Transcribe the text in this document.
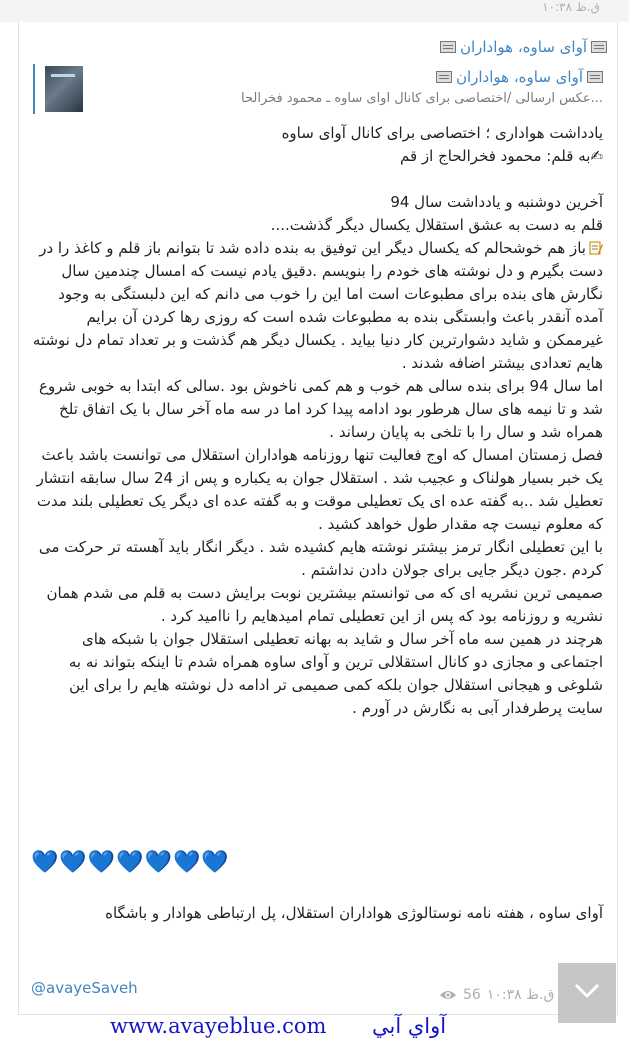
ق.ظ ۱۰:۳۸
آوای ساوه، هواداران
آوای ساوه، هواداران
...عکس ارسالی /اختصاصی برای کانال آوای ساوه ـ محمود فخرالحا

یادداشت هواداری ؛ اختصاصی برای کانال آوای ساوه

✍به قلم: محمود فخرالحاج از قم

آخرین دوشنبه و یادداشت سال 94

قلم به دست به عشق استقلال یکسال دیگر گذشت....

باز هم خوشحالم که یکسال دیگر این توفیق به بنده داده شد تا بتوانم باز قلم و کاغذ را در دست بگیرم و دل نوشته های خودم را بنویسم .دقیق یادم نیست که امسال چندمین سال نگارش های بنده برای مطبوعات است اما این را خوب می دانم که این دلبستگی به وجود آمده آنقدر باعث وابستگی بنده به مطبوعات شده است که روزی رها کردن آن برایم غیرممکن و شاید دشوارترین کار دنیا بیاید . یکسال دیگر هم گذشت و بر تعداد تمام دل نوشته هایم تعدادی بیشتر اضافه شدند .

اما سال 94 برای بنده سالی هم خوب و هم کمی ناخوش بود .سالی که ابتدا به خوبی شروع شد و تا نیمه های سال هرطور بود ادامه پیدا کرد اما در سه ماه آخر سال با یک اتفاق تلخ همراه شد و سال را با تلخی به پایان رساند .

فصل زمستان امسال که اوج فعالیت تنها روزنامه هواداران استقلال می توانست باشد باعث یک خبر بسیار هولناک و عجیب شد . استقلال جوان به یکباره و پس از 24 سال سابقه انتشار تعطیل شد ..به گفته عده ای یک تعطیلی موقت و به گفته عده ای دیگر یک تعطیلی بلند مدت که معلوم نیست چه مقدار طول خواهد کشید .

با این تعطیلی انگار ترمز بیشتر نوشته هایم کشیده شد . دیگر انگار باید آهسته تر حرکت می کردم .جون دیگر جایی برای جولان دادن نداشتم .

صمیمی ترین نشریه ای که می توانستم بیشترین نوبت برایش دست به قلم می شدم همان نشریه و روزنامه بود که پس از این تعطیلی تمام امیدهایم را ناامید کرد .

هرچند در همین سه ماه آخر سال و شاید به بهانه تعطیلی استقلال جوان با شبکه های اجتماعی و مجازی دو کانال استقلالی ترین و آوای ساوه همراه شدم تا اینکه بتواند نه به شلوغی و هیجانی استقلال جوان بلکه کمی صمیمی تر ادامه دل نوشته هایم را برای این سایت پرطرفدار آبی به نگارش در آورم .

💙💙💙💙💙💙💙

آوای ساوه ، هفته نامه نوستالوژی هواداران استقلال، پل ارتباطی هوادار و باشگاه

@avayeSaveh	56 ق.ظ ۱۰:۳۸
www.avayeblue.com آواي آبي
